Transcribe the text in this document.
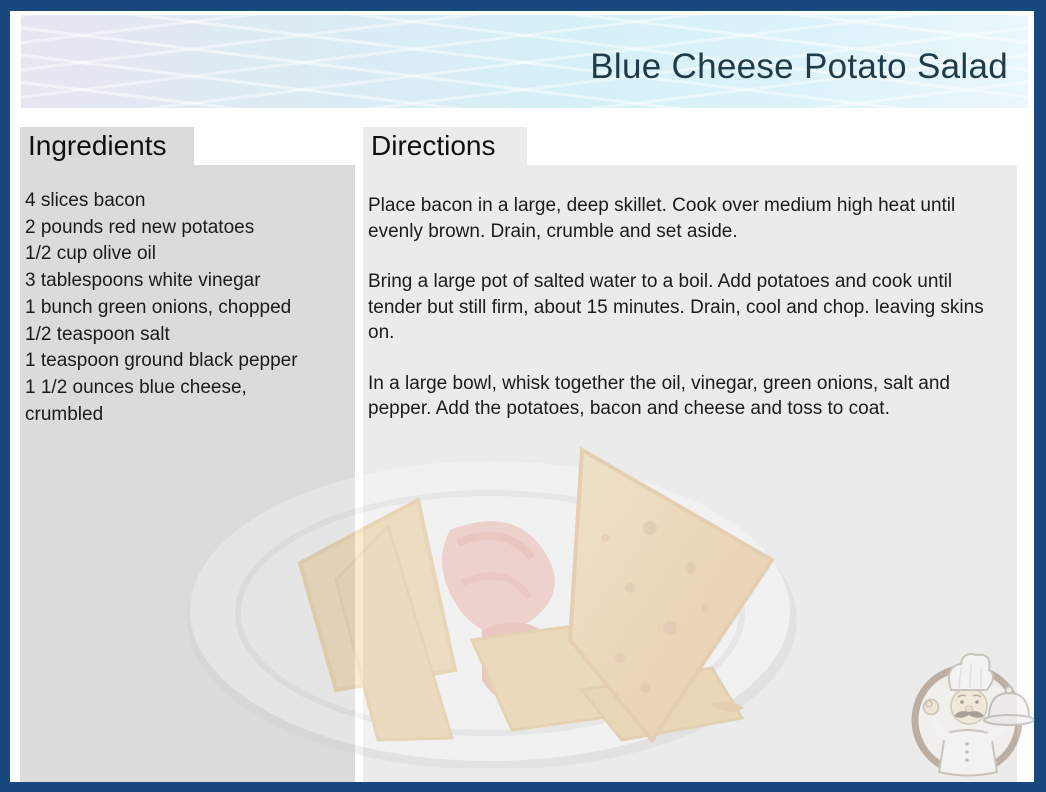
Blue Cheese Potato Salad
Ingredients	Directions
4 slices bacon
2 pounds red new potatoes
1/2 cup olive oil
3 tablespoons white vinegar
1 bunch green onions, chopped
1/2 teaspoon salt
1 teaspoon ground black pepper
1 1/2 ounces blue cheese, crumbled

Place bacon in a large, deep skillet. Cook over medium high heat until evenly brown. Drain, crumble and set aside.

Bring a large pot of salted water to a boil. Add potatoes and cook until tender but still firm, about 15 minutes. Drain, cool and chop. leaving skins on.

In a large bowl, whisk together the oil, vinegar, green onions, salt and pepper. Add the potatoes, bacon and cheese and toss to coat.
